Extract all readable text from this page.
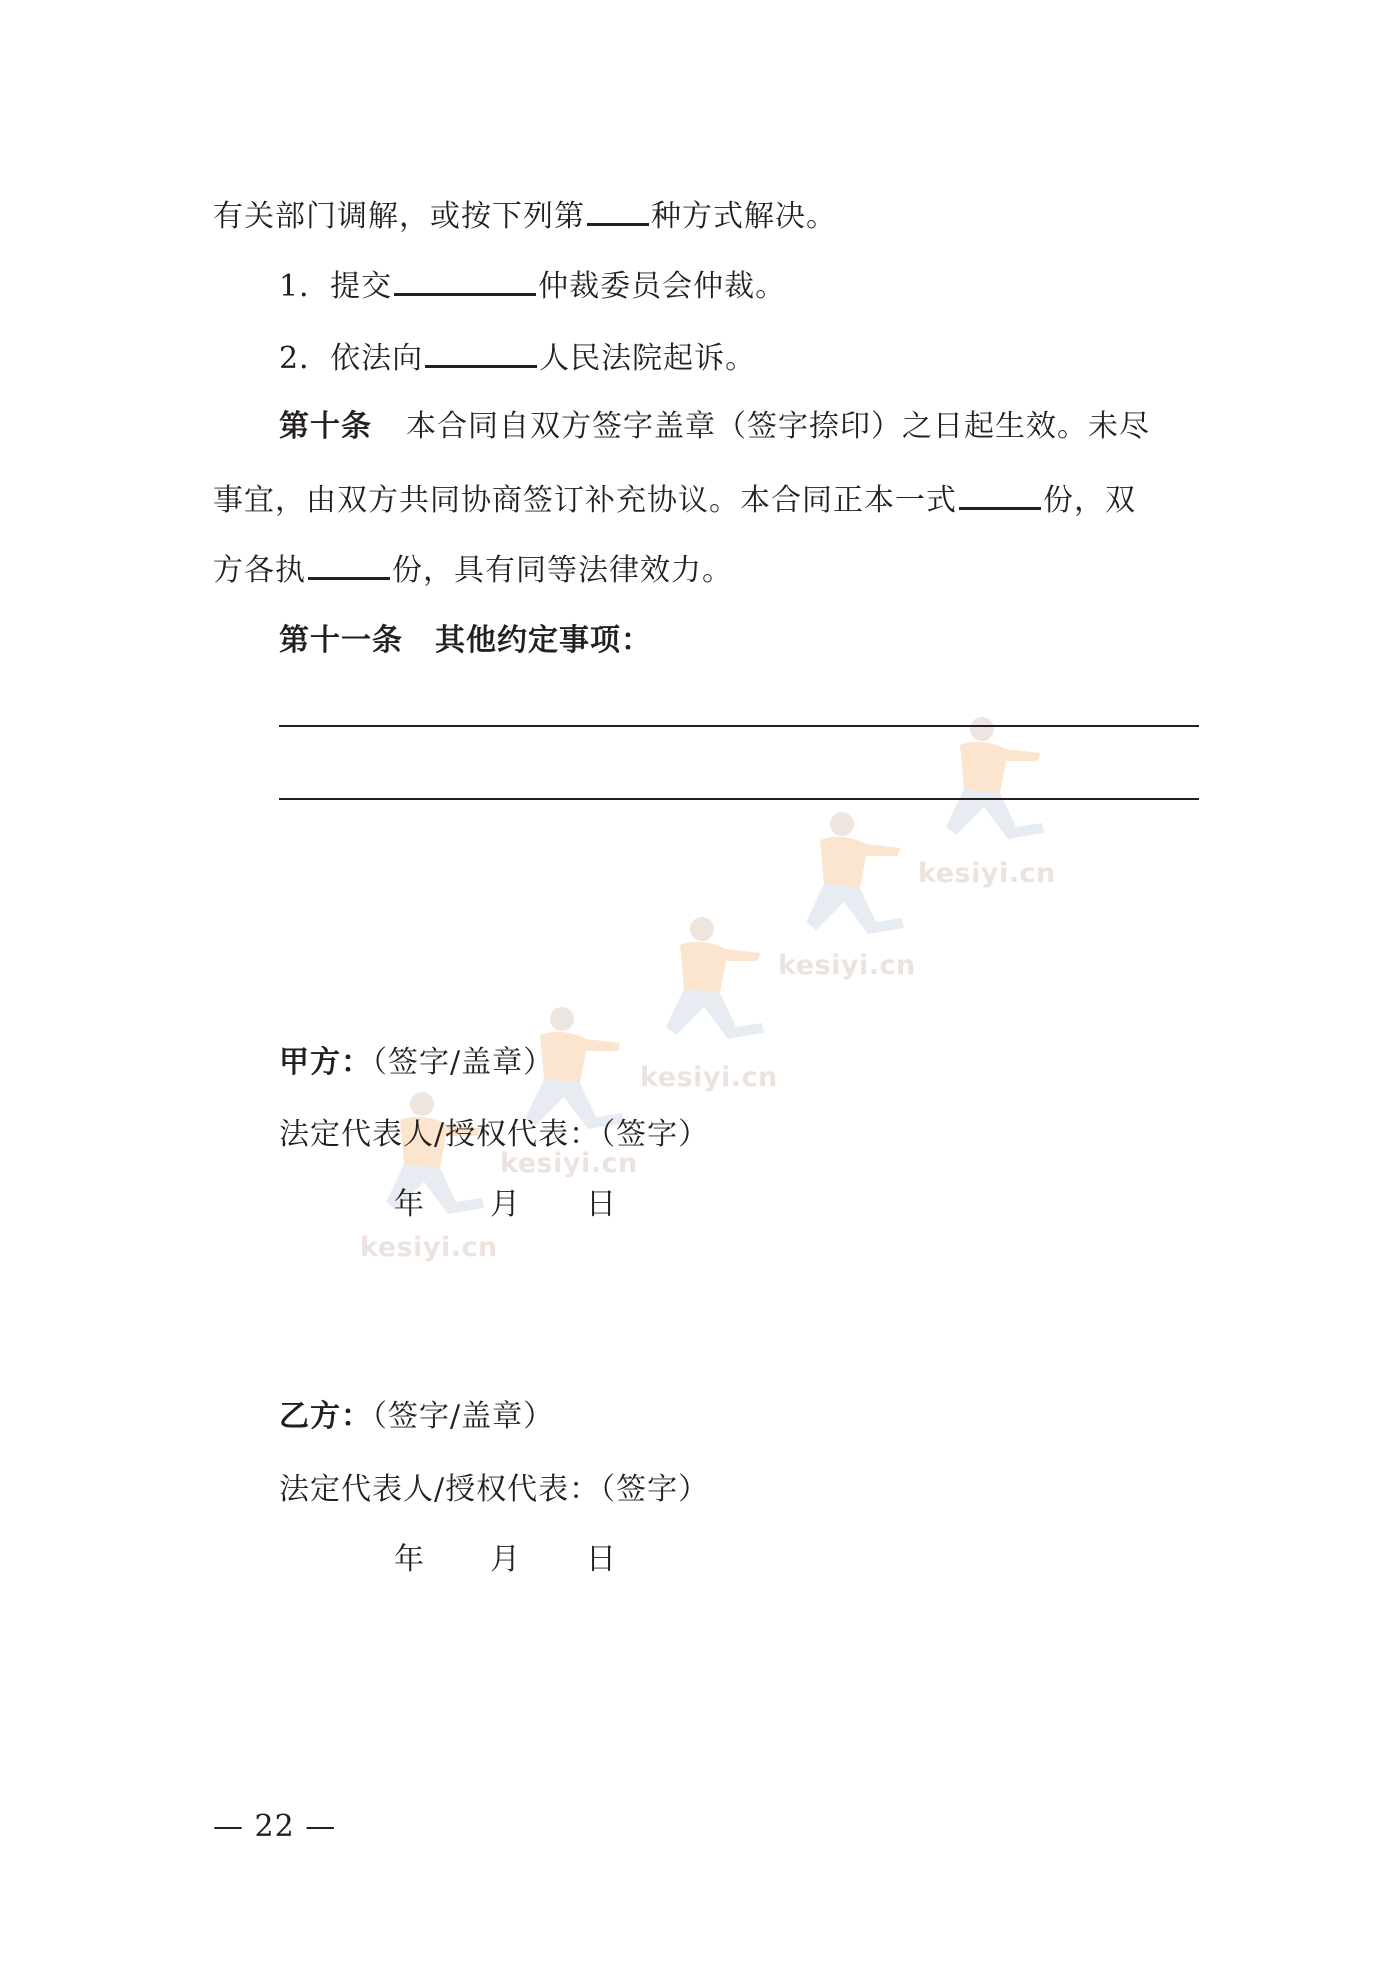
kesiyi.cn
kesiyi.cn
kesiyi.cn
kesiyi.cn
kesiyi.cn
有关部门调解，或按下列第 种方式解决。
1．提交	仲裁委员会仲裁。
2．依法向	人民法院起诉。
第十条 本合同自双方签字盖章（签字捺印）之日起生效。未尽
事宜，由双方共同协商签订补充协议。本合同正本一式	份，双
方各执	份，具有同等法律效力。
第十一条 其他约定事项：
甲方：（签字/盖章）
法定代表人/授权代表：（签字）
年　　月　　日
乙方：（签字/盖章）
法定代表人/授权代表：（签字）
年　　月　　日
— 22 —
